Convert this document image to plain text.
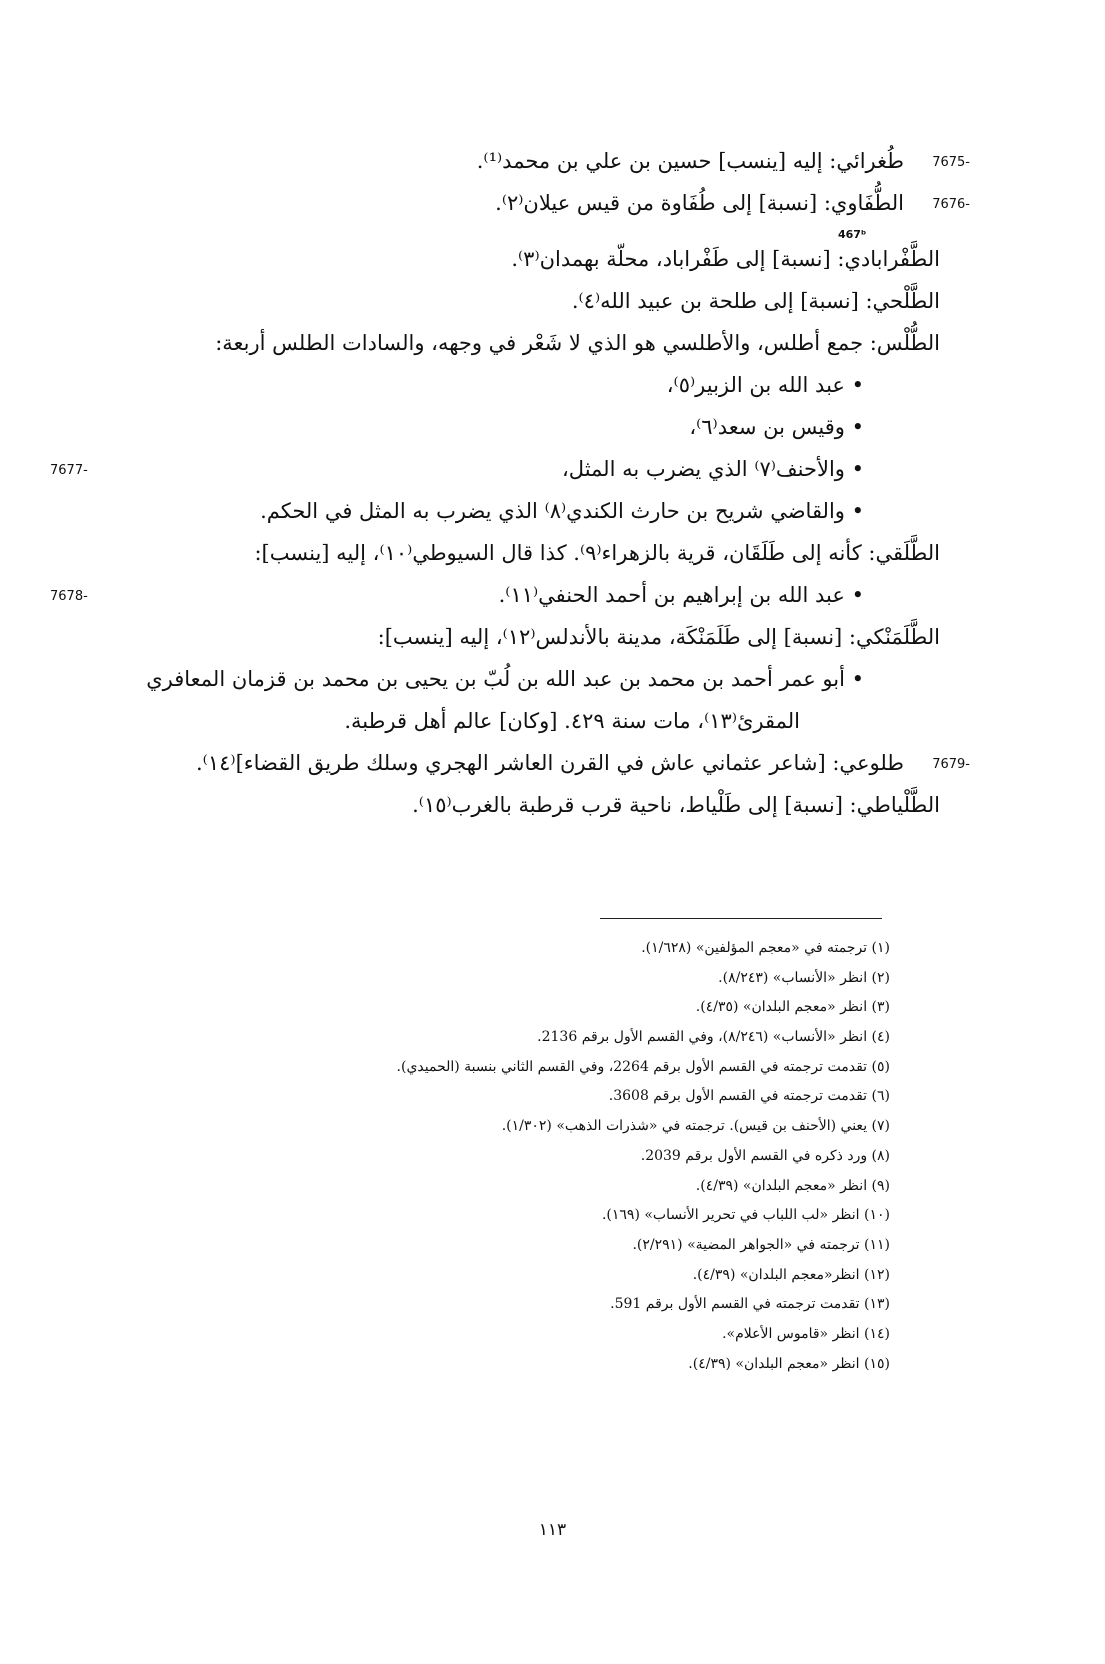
467ᵇ
7675-
طُغرائي: إليه [ينسب] حسين بن علي بن محمد⁽¹⁾.
7676-
الطُّفَاوي: [نسبة] إلى طُفَاوة من قيس عيلان⁽٢⁾.
الطَّفْرابادي: [نسبة] إلى طَفْراباد، محلّة بهمدان⁽٣⁾.
الطَّلْحي: [نسبة] إلى طلحة بن عبيد الله⁽٤⁾.
الطُّلْس: جمع أطلس، والأطلسي هو الذي لا شَعْر في وجهه، والسادات الطلس أربعة:
• عبد الله بن الزبير⁽٥⁾،
• وقيس بن سعد⁽٦⁾،
7677-	• والأحنف⁽٧⁾ الذي يضرب به المثل،
• والقاضي شريح بن حارث الكندي⁽٨⁾ الذي يضرب به المثل في الحكم.
الطَّلَقي: كأنه إلى طَلَقَان، قرية بالزهراء⁽٩⁾. كذا قال السيوطي⁽١٠⁾، إليه [ينسب]:
7678-	• عبد الله بن إبراهيم بن أحمد الحنفي⁽١١⁾.
الطَّلَمَنْكي: [نسبة] إلى طَلَمَنْكَة، مدينة بالأندلس⁽١٢⁾، إليه [ينسب]:
• أبو عمر أحمد بن محمد بن عبد الله بن لُبّ بن يحيى بن محمد بن قزمان المعافري
المقرئ⁽١٣⁾، مات سنة ٤٢٩. [وكان] عالم أهل قرطبة.
7679-
طلوعي: [شاعر عثماني عاش في القرن العاشر الهجري وسلك طريق القضاء]⁽١٤⁾.
الطَّلْياطي: [نسبة] إلى طَلْياط، ناحية قرب قرطبة بالغرب⁽١٥⁾.
(١) ترجمته في «معجم المؤلفين» (١/٦٢٨).
(٢) انظر «الأنساب» (٨/٢٤٣).
(٣) انظر «معجم البلدان» (٤/٣٥).
(٤) انظر «الأنساب» (٨/٢٤٦)، وفي القسم الأول برقم 2136.
(٥) تقدمت ترجمته في القسم الأول برقم 2264، وفي القسم الثاني بنسبة (الحميدي).
(٦) تقدمت ترجمته في القسم الأول برقم 3608.
(٧) يعني (الأحنف بن قيس). ترجمته في «شذرات الذهب» (١/٣٠٢).
(٨) ورد ذكره في القسم الأول برقم 2039.
(٩) انظر «معجم البلدان» (٤/٣٩).
(١٠) انظر «لب اللباب في تحرير الأنساب» (١٦٩).
(١١) ترجمته في «الجواهر المضية» (٢/٢٩١).
(١٢) انظر«معجم البلدان» (٤/٣٩).
(١٣) تقدمت ترجمته في القسم الأول برقم 591.
(١٤) انظر «قاموس الأعلام».
(١٥) انظر «معجم البلدان» (٤/٣٩).
١١٣
